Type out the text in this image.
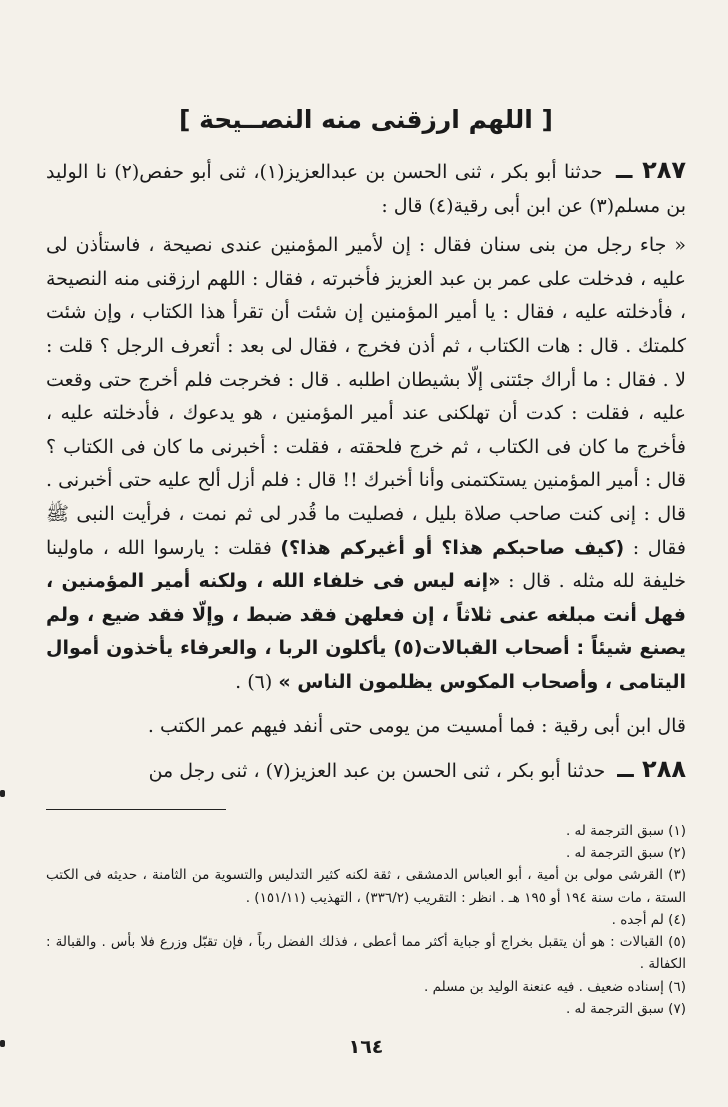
[ اللهم ارزقنى منه النصــيحة ]

٢٨٧ ــ حدثنا أبو بكر ، ثنى الحسن بن عبدالعزيز(١)، ثنى أبو حفص(٢) نا الوليد بن مسلم(٣) عن ابن أبى رقية(٤) قال :

« جاء رجل من بنى سنان فقال : إن لأمير المؤمنين عندى نصيحة ، فاستأذن لى عليه ، فدخلت على عمر بن عبد العزيز فأخبرته ، فقال : اللهم ارزقنى منه النصيحة ، فأدخلته عليه ، فقال : يا أمير المؤمنين إن شئت أن تقرأ هذا الكتاب ، وإن شئت كلمتك . قال : هات الكتاب ، ثم أذن فخرج ، فقال لى بعد : أتعرف الرجل ؟ قلت : لا . فقال : ما أراك جئتنى إلّا بشيطان اطلبه . قال : فخرجت فلم أخرج حتى وقعت عليه ، فقلت : كدت أن تهلكنى عند أمير المؤمنين ، هو يدعوك ، فأدخلته عليه ، فأخرج ما كان فى الكتاب ، ثم خرج فلحقته ، فقلت : أخبرنى ما كان فى الكتاب ؟ قال : أمير المؤمنين يستكتمنى وأنا أخبرك !! قال : فلم أزل ألح عليه حتى أخبرنى . قال : إنى كنت صاحب صلاة بليل ، فصليت ما قُدر لى ثم نمت ، فرأيت النبى ﷺ فقال : (كيف صاحبكم هذا؟ أو أغيركم هذا؟) فقلت : يارسوا الله ، ماولينا خليفة لله مثله . قال : «إنه ليس فى خلفاء الله ، ولكنه أمير المؤمنين ، فهل أنت مبلغه عنى ثلاثاً ، إن فعلهن فقد ضبط ، وإلّا فقد ضيع ، ولم يصنع شيئاً : أصحاب القبالات(٥) يأكلون الربا ، والعرفاء يأخذون أموال اليتامى ، وأصحاب المكوس يظلمون الناس » (٦) .

قال ابن أبى رقية : فما أمسيت من يومى حتى أنفد فيهم عمر الكتب .

٢٨٨ ــ حدثنا أبو بكر ، ثنى الحسن بن عبد العزيز(٧) ، ثنى رجل من

(١) سبق الترجمة له .

(٢) سبق الترجمة له .

(٣) القرشى مولى بن أمية ، أبو العباس الدمشقى ، ثقة لكنه كثير التدليس والتسوية من الثامنة ، حديثه فى الكتب الستة ، مات سنة ١٩٤ أو ١٩٥ هـ . انظر : التقريب (٣٣٦/٢) ، التهذيب (١٥١/١١) .

(٤) لم أجده .

(٥) القبالات : هو أن يتقبل بخراج أو جباية أكثر مما أعطى ، فذلك الفضل رباً ، فإن تقبّل وزرع فلا بأس . والقبالة : الكفالة .

(٦) إسناده ضعيف . فيه عنعنة الوليد بن مسلم .

(٧) سبق الترجمة له .

١٦٤
